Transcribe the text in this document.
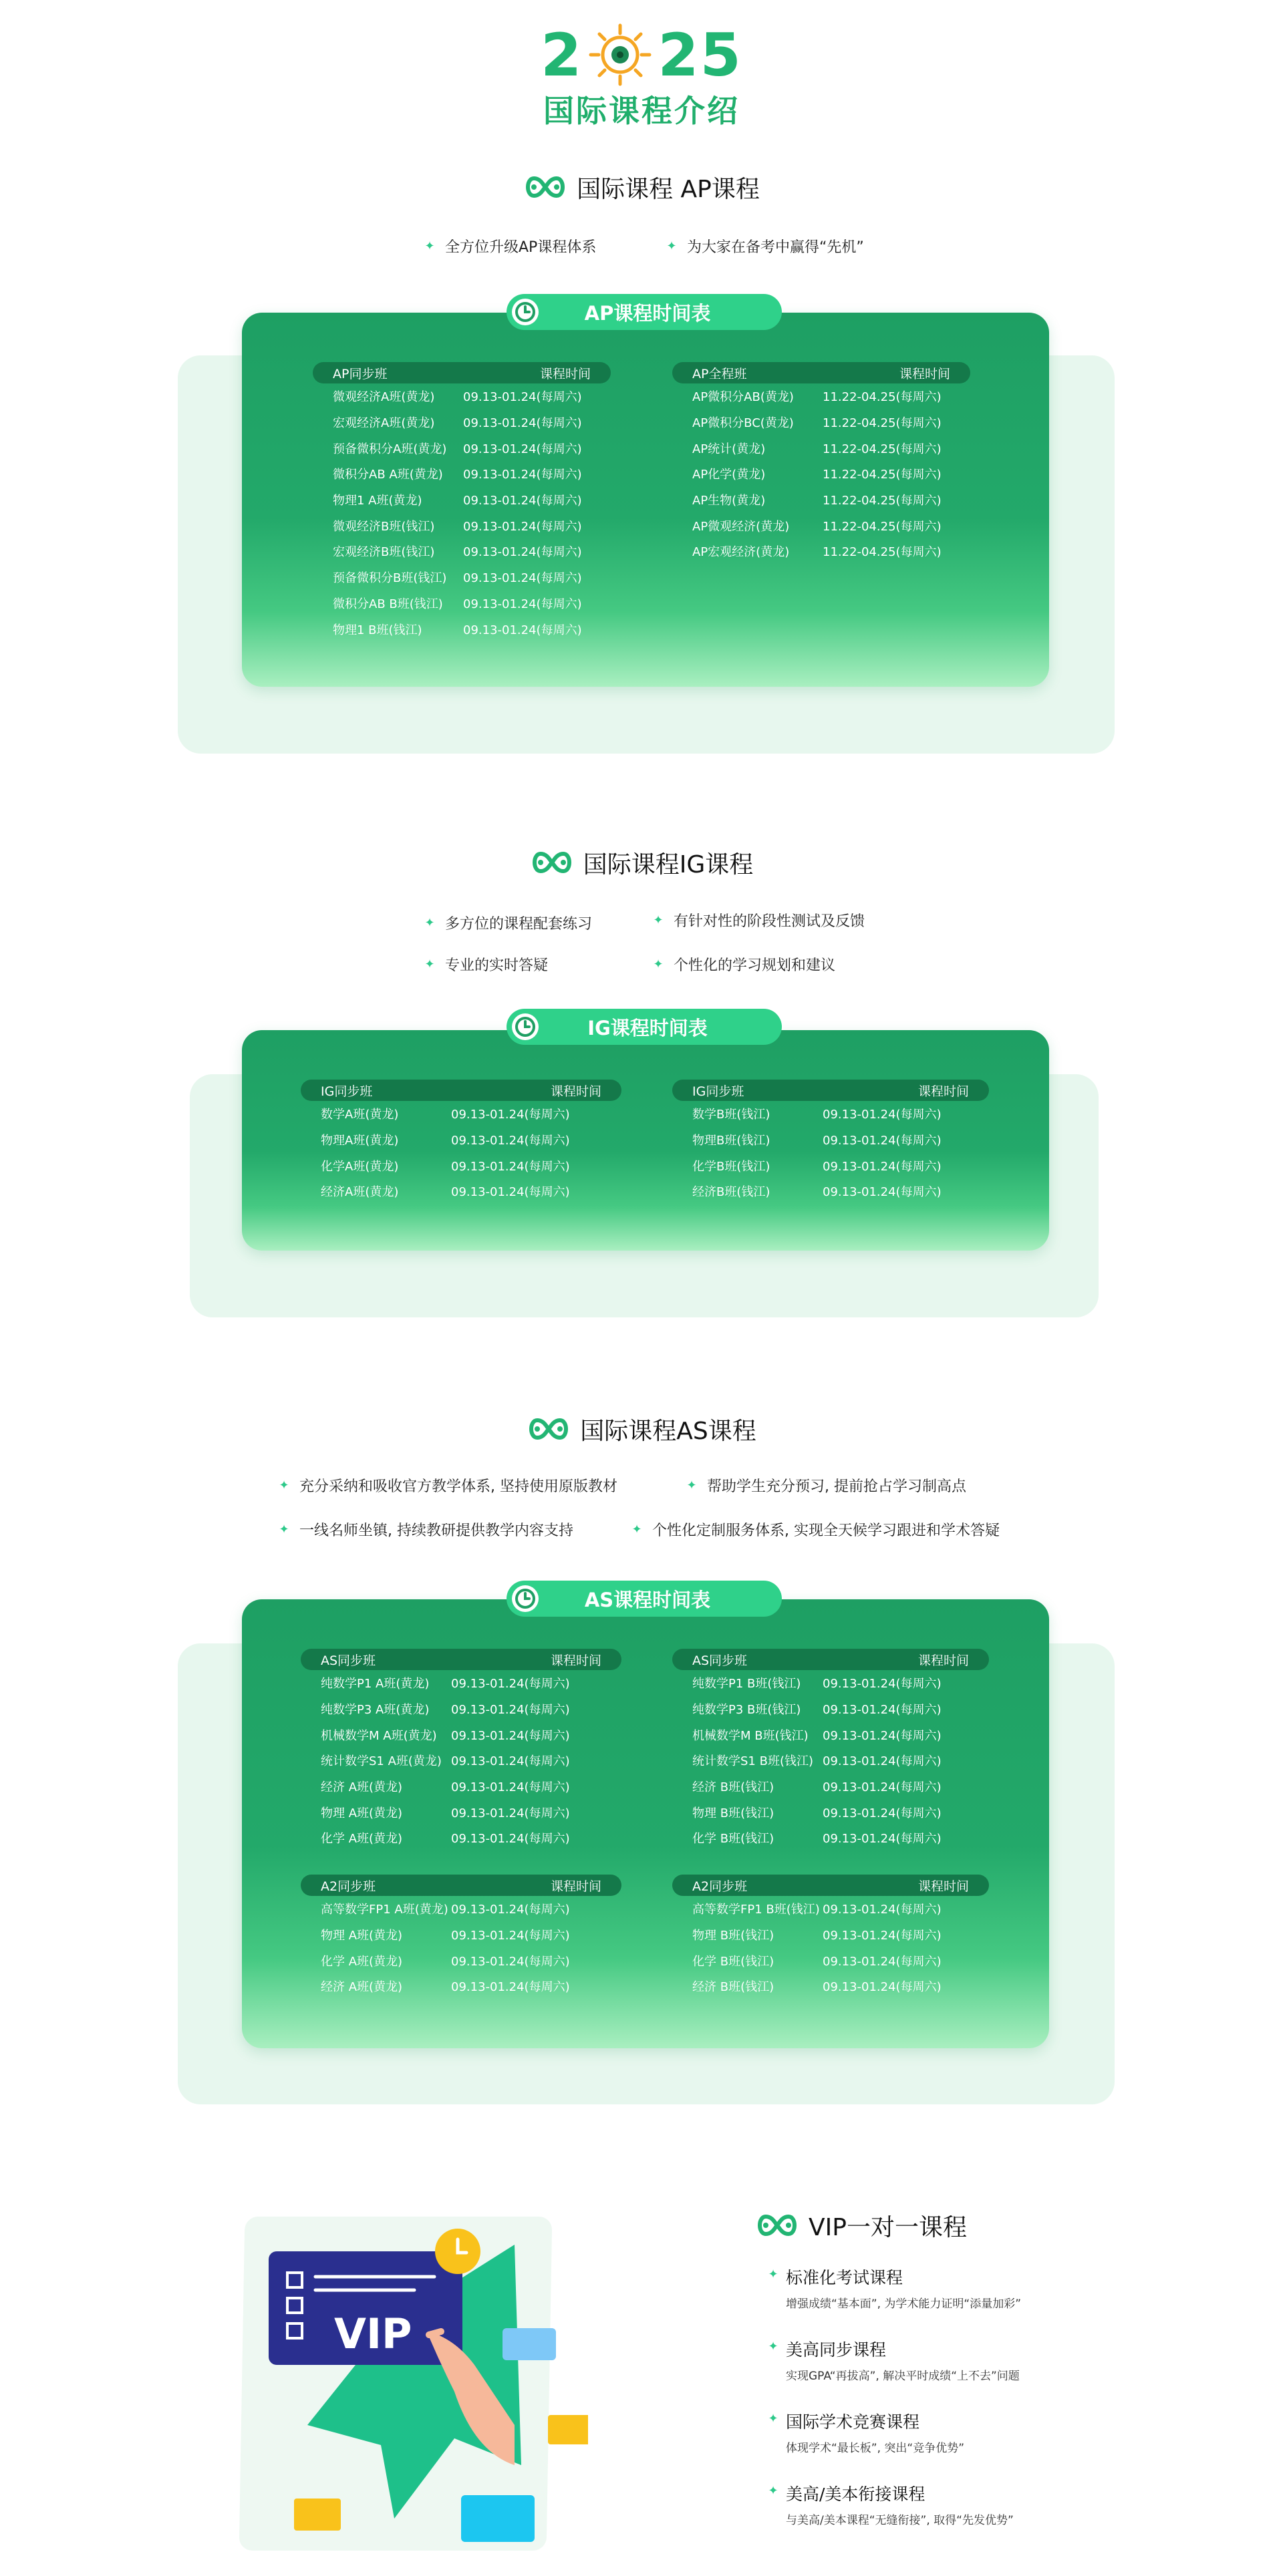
2 25
国际课程介绍
国际课程 AP课程
✦ 全方位升级AP课程体系	✦ 为大家在备考中赢得“先机”
AP课程时间表
AP同步班	课程时间
微观经济A班(黄龙)	09.13-01.24(每周六)
宏观经济A班(黄龙)	09.13-01.24(每周六)
预备微积分A班(黄龙)	09.13-01.24(每周六)
微积分AB A班(黄龙)	09.13-01.24(每周六)
物理1 A班(黄龙)	09.13-01.24(每周六)
微观经济B班(钱江)	09.13-01.24(每周六)
宏观经济B班(钱江)	09.13-01.24(每周六)
预备微积分B班(钱江)	09.13-01.24(每周六)
微积分AB B班(钱江)	09.13-01.24(每周六)
物理1 B班(钱江)	09.13-01.24(每周六)
AP全程班	课程时间
AP微积分AB(黄龙)	11.22-04.25(每周六)
AP微积分BC(黄龙)	11.22-04.25(每周六)
AP统计(黄龙)	11.22-04.25(每周六)
AP化学(黄龙)	11.22-04.25(每周六)
AP生物(黄龙)	11.22-04.25(每周六)
AP微观经济(黄龙)	11.22-04.25(每周六)
AP宏观经济(黄龙)	11.22-04.25(每周六)
国际课程IG课程
✦ 多方位的课程配套练习	✦ 有针对性的阶段性测试及反馈
✦ 专业的实时答疑	✦ 个性化的学习规划和建议
IG课程时间表
IG同步班	课程时间
数学A班(黄龙)	09.13-01.24(每周六)
物理A班(黄龙)	09.13-01.24(每周六)
化学A班(黄龙)	09.13-01.24(每周六)
经济A班(黄龙)	09.13-01.24(每周六)
IG同步班	课程时间
数学B班(钱江)	09.13-01.24(每周六)
物理B班(钱江)	09.13-01.24(每周六)
化学B班(钱江)	09.13-01.24(每周六)
经济B班(钱江)	09.13-01.24(每周六)
国际课程AS课程
✦ 充分采纳和吸收官方教学体系, 坚持使用原版教材	✦ 帮助学生充分预习, 提前抢占学习制高点
✦ 一线名师坐镇, 持续教研提供教学内容支持	✦ 个性化定制服务体系, 实现全天候学习跟进和学术答疑
AS课程时间表
AS同步班	课程时间
纯数学P1 A班(黄龙)	09.13-01.24(每周六)
纯数学P3 A班(黄龙)	09.13-01.24(每周六)
机械数学M A班(黄龙)	09.13-01.24(每周六)
统计数学S1 A班(黄龙) 09.13-01.24(每周六)
经济 A班(黄龙)	09.13-01.24(每周六)
物理 A班(黄龙)	09.13-01.24(每周六)
化学 A班(黄龙)	09.13-01.24(每周六)
AS同步班	课程时间
纯数学P1 B班(钱江)	09.13-01.24(每周六)
纯数学P3 B班(钱江)	09.13-01.24(每周六)
机械数学M B班(钱江)	09.13-01.24(每周六)
统计数学S1 B班(钱江) 09.13-01.24(每周六)
经济 B班(钱江)	09.13-01.24(每周六)
物理 B班(钱江)	09.13-01.24(每周六)
化学 B班(钱江)	09.13-01.24(每周六)
A2同步班	课程时间
高等数学FP1 A班(黄龙) 09.13-01.24(每周六)
物理 A班(黄龙)	09.13-01.24(每周六)
化学 A班(黄龙)	09.13-01.24(每周六)
经济 A班(黄龙)	09.13-01.24(每周六)
A2同步班	课程时间
高等数学FP1 B班(钱江) 09.13-01.24(每周六)
物理 B班(钱江)	09.13-01.24(每周六)
化学 B班(钱江)	09.13-01.24(每周六)
经济 B班(钱江)	09.13-01.24(每周六)
VIP
VIP一对一课程
✦ 标准化考试课程
增强成绩“基本面”, 为学术能力证明“添量加彩”
✦ 美高同步课程
实现GPA“再拔高”, 解决平时成绩“上不去”问题
✦ 国际学术竞赛课程
体现学术“最长板”, 突出“竞争优势”
✦ 美高/美本衔接课程
与美高/美本课程“无缝衔接”, 取得“先发优势”
